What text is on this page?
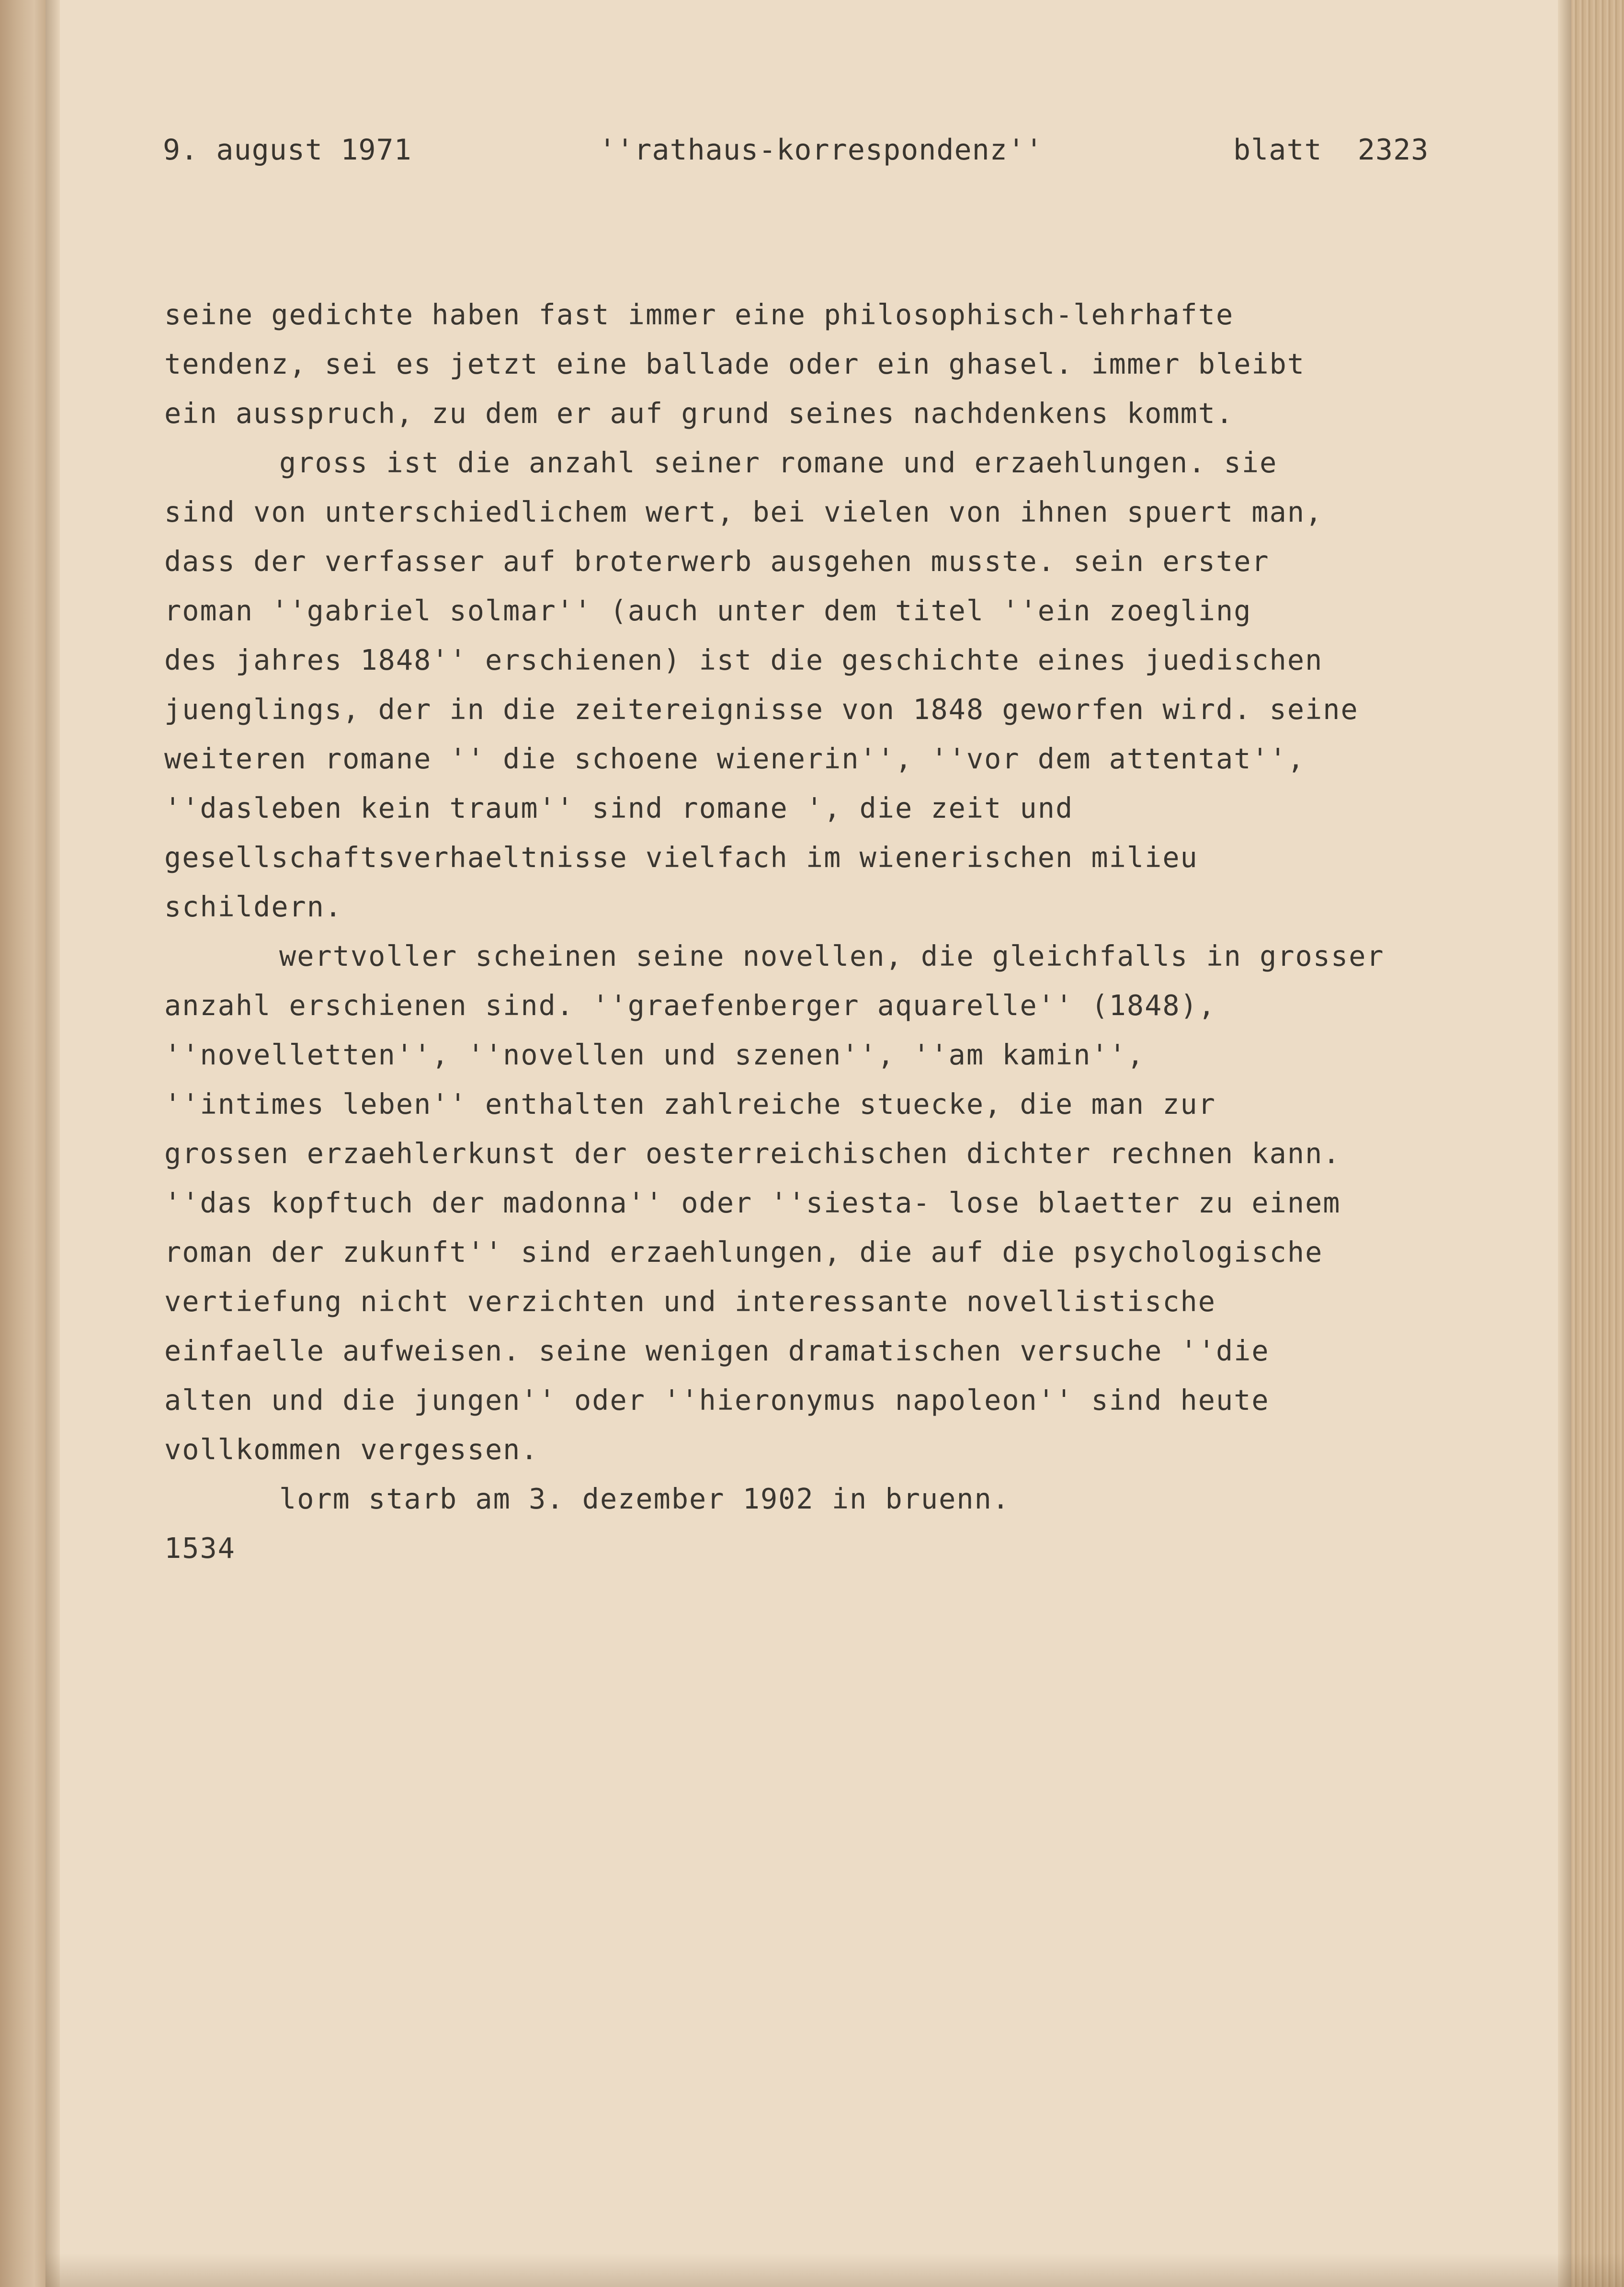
9. august 1971	''rathaus-korrespondenz''	blatt  2323
seine gedichte haben fast immer eine philosophisch-lehrhafte
tendenz, sei es jetzt eine ballade oder ein ghasel. immer bleibt
ein ausspruch, zu dem er auf grund seines nachdenkens kommt.
gross ist die anzahl seiner romane und erzaehlungen. sie
sind von unterschiedlichem wert, bei vielen von ihnen spuert man,
dass der verfasser auf broterwerb ausgehen musste. sein erster
roman ''gabriel solmar'' (auch unter dem titel ''ein zoegling
des jahres 1848'' erschienen) ist die geschichte eines juedischen
juenglings, der in die zeitereignisse von 1848 geworfen wird. seine
weiteren romane '' die schoene wienerin'', ''vor dem attentat'',
''dasleben kein traum'' sind romane ', die zeit und
gesellschaftsverhaeltnisse vielfach im wienerischen milieu
schildern.
wertvoller scheinen seine novellen, die gleichfalls in grosser
anzahl erschienen sind. ''graefenberger aquarelle'' (1848),
''novelletten'', ''novellen und szenen'', ''am kamin'',
''intimes leben'' enthalten zahlreiche stuecke, die man zur
grossen erzaehlerkunst der oesterreichischen dichter rechnen kann.
''das kopftuch der madonna'' oder ''siesta- lose blaetter zu einem
roman der zukunft'' sind erzaehlungen, die auf die psychologische
vertiefung nicht verzichten und interessante novellistische
einfaelle aufweisen. seine wenigen dramatischen versuche ''die
alten und die jungen'' oder ''hieronymus napoleon'' sind heute
vollkommen vergessen.
lorm starb am 3. dezember 1902 in bruenn.
1534
